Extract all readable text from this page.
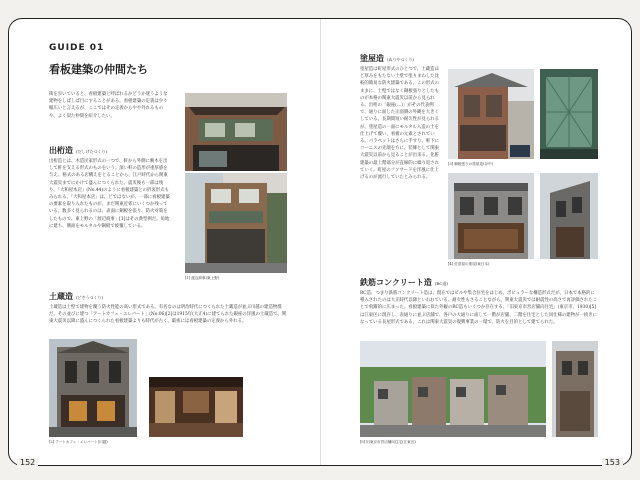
GUIDE 01
看板建築の仲間たち

街を歩いていると、看板建築と呼ばれるかどうか迷うような建物をしばしば目にすることがある。看板建築の定義は少々幅広いと言えるが、ここではその定義からやや外れるものや、よく似た仲間を紹介したい。

出桁造 (だしげたづくり)

出桁造とは、木造民家形式の一つで、軒から外側に腕木を出して軒を支える形式のものをいう。深い軒の造形が重厚感を与え、格式のある店構えをとることから、江戸時代から関東大震災までにかけて盛んにつくられた。震災後も一部は残り、「大和屋本店」(No.44)のように看板建築との折衷形式もみられる。「大和屋本店」は、どではないが、一部に看板建築の要素を取り入れたものが、まだ関東近郊にいくつか残っている。数多く見られるのは、表面に銅板を張り、防火対策をしたもので、東上野の「渡辺商事」[1]はその典型例だ。角地に建ち、側面をモルタルや銅板で被覆している。

[1] 渡辺商事(東上野)
土蔵造 (どぞうづくり)

土蔵造は土壁で建物を覆う防火性能の高い形式である。有名なのは明治時代につくられた土蔵造が並ぶ川越の建造物群だ。その並びに建つ「アートカフェ・エレバート」(No.06)[2]は1915年(大正4)に建てられた銀座の洋風の土蔵造で、関東大震災以降に盛んにつくられた看板建築よりも時代が古く、厳密には看板建築の定義から外れる。

[2] アートカフェ・エレバート(川越)
152
塗屋造 (ぬりやづくり)

塗屋造は町屋形式のひとつで、土蔵造ほど厚みをもたない土壁で塗りまわした比較的簡易な防火建築である。この形式のままに、土壁ではなく銅板張りとしたものが本格の関東大震災以前から見られる。出桁の「銀座(…)」がその代表例で、通りに面した正面側の外観を大きくしている。長期間短い耐久性が見られるが、塗屋造の一面にモルタル入造の土を仕上げて覆い、看板の元素とされている。パラペットはさらに手すり、軒下にコーニスの先端を方に、装飾として関東大震災以前から見ることが出来る。化粧建築の最上階部分が直線的に繰り返されていく。町屋のファサードを洋風に仕上げるのが流行していたとみられる。

[3] 銅板張りの塗屋造(谷中)
[4] 佐倉屋の塗屋(東日本)
鉄筋コンクリート造 (RC造)

RC造、つまり鉄筋コンクリート造は、現在ではビルや集合住宅をはじめ、ポピュラーな構造形式だが、日本で本格的に導入されたのは大正時代以降といわれている。耐火性もさることながら、関東大震災では耐震性の高さで再評価されたことで飛躍的に広まった。看板建築に似た外観のRC造もいくつか存在する。「旧東京市営店舗向住宅」(東京市、1930)[5]は江東区に現存し、表通りに並ぶ店舗で、各戸の大通りに面して一階が店舗、二階を住宅とした同仕様の建物が一続きになっている長屋形式である。これは関東大震災の復興事業の一環で、防火を目的として建てられた。

[5] 旧東京市営店舗向住宅(江東区)
153
